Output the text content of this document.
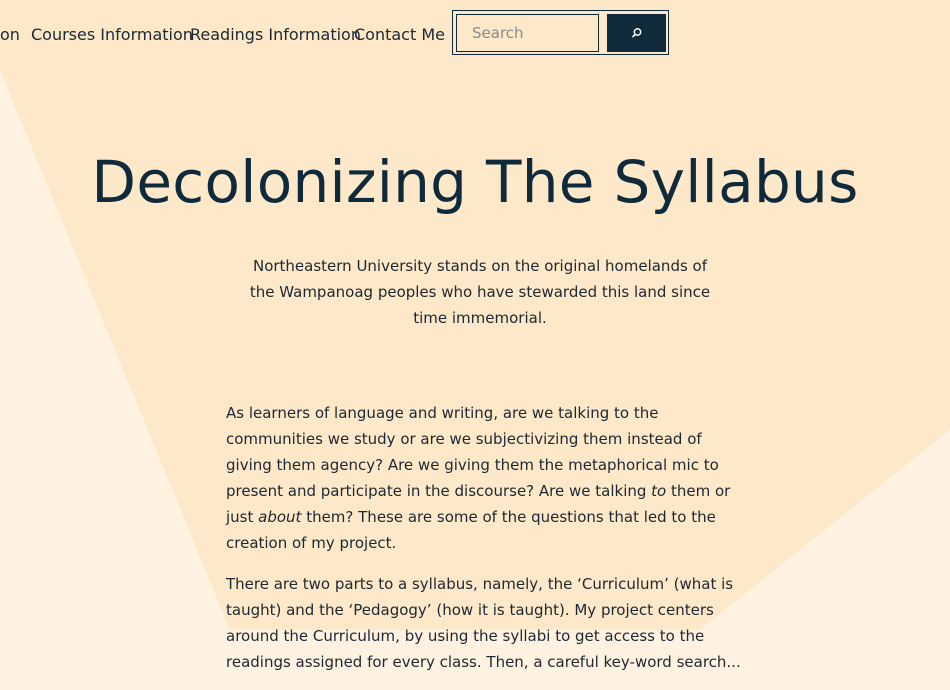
on Courses Information
Readings Information
Contact Me
Search
Decolonizing The Syllabus

Northeastern University stands on the original homelands of the Wampanoag peoples who have stewarded this land since time immemorial.

As learners of language and writing, are we talking to the communities we study or are we subjectivizing them instead of giving them agency? Are we giving them the metaphorical mic to present and participate in the discourse? Are we talking to them or just about them? These are some of the questions that led to the creation of my project.

There are two parts to a syllabus, namely, the ‘Curriculum’ (what is taught) and the ‘Pedagogy’ (how it is taught). My project centers around the Curriculum, by using the syllabi to get access to the readings assigned for every class. Then, a careful key-word search...
